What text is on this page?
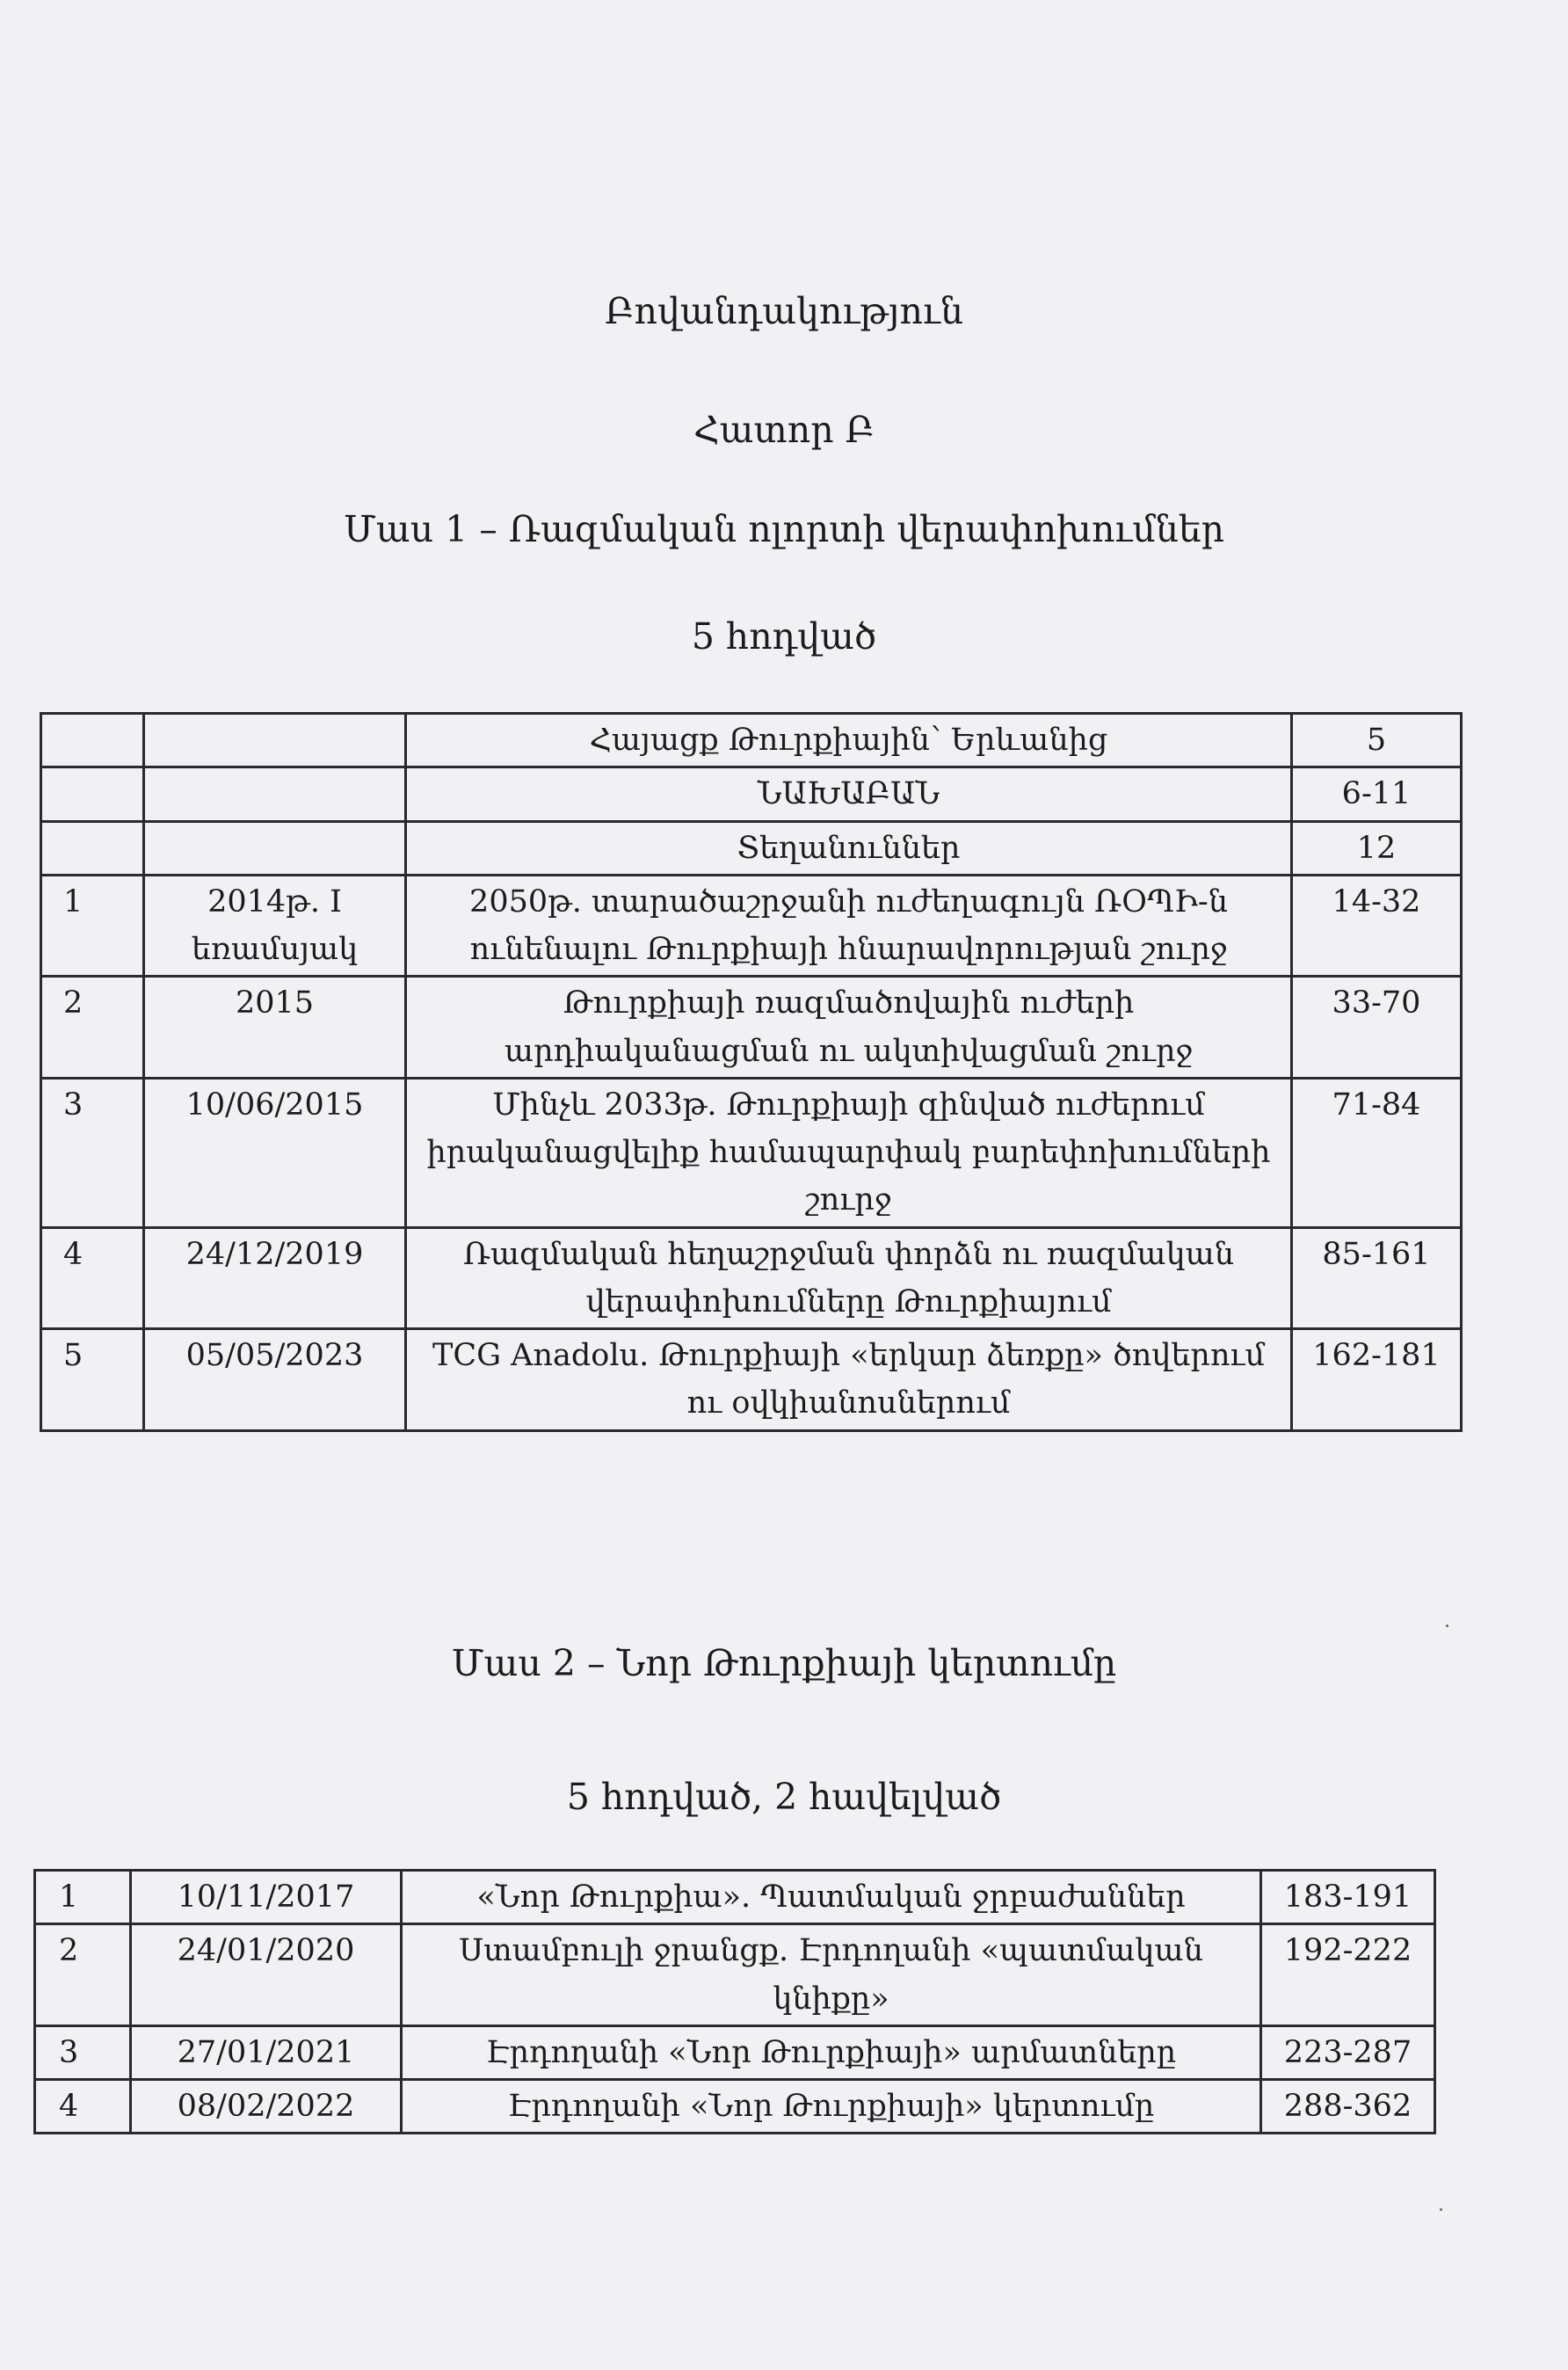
Բովանդակություն
Հատոր Բ
Մաս 1 – Ռազմական ոլորտի վերափոխումներ
5 հոդված
		Հայացք Թուրքիային՝ Երևանից	5
		ՆԱԽԱԲԱՆ	6-11
		Տեղանուններ	12
1	2014թ. I եռամսյակ	2050թ. տարածաշրջանի ուժեղագույն ՌՕՊԻ-ն ունենալու Թուրքիայի հնարավորության շուրջ	14-32
2	2015	Թուրքիայի ռազմածովային ուժերի արդիականացման ու ակտիվացման շուրջ	33-70
3	10/06/2015	Մինչև 2033թ. Թուրքիայի զինված ուժերում իրականացվելիք համապարփակ բարեփոխումների շուրջ	71-84
4	24/12/2019	Ռազմական հեղաշրջման փորձն ու ռազմական վերափոխումները Թուրքիայում	85-161
5	05/05/2023	TCG Anadolu. Թուրքիայի «երկար ձեռքը» ծովերում ու օվկիանոսներում	162-181
Մաս 2 – Նոր Թուրքիայի կերտումը
5 հոդված, 2 հավելված
1	10/11/2017	«Նոր Թուրքիա». Պատմական ջրբաժաններ	183-191
2	24/01/2020	Ստամբուլի ջրանցք. Էրդողանի «պատմական կնիքը»	192-222
3	27/01/2021	Էրդողանի «Նոր Թուրքիայի» արմատները	223-287
4	08/02/2022	Էրդողանի «Նոր Թուրքիայի» կերտումը	288-362
